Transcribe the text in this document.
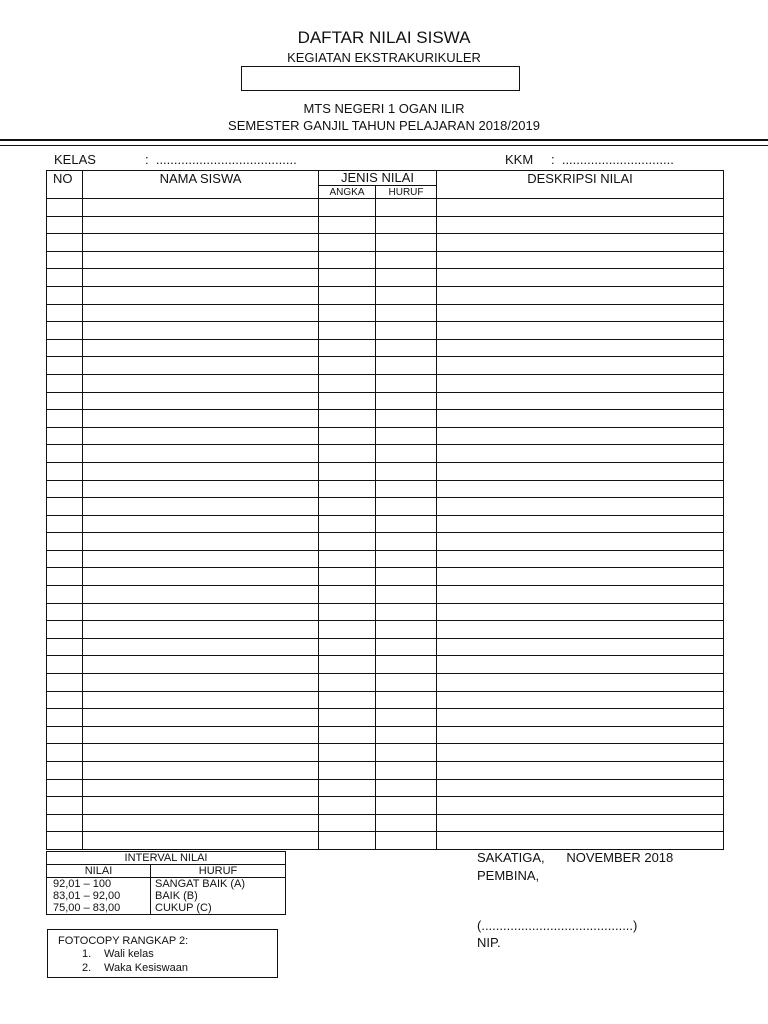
DAFTAR NILAI SISWA
KEGIATAN EKSTRAKURIKULER
MTS NEGERI 1 OGAN ILIR
SEMESTER GANJIL TAHUN PELAJARAN 2018/2019
KELAS	:  .......................................	KKM :  ...............................
NO	NAMA SISWA	JENIS NILAI		DESKRIPSI NILAI
		ANGKA	HURUF	

INTERVAL NILAI	
NILAI	HURUF
92,01 – 100	SANGAT BAIK (A)
83,01 – 92,00	BAIK (B)
75,00 – 83,00	CUKUP (C)
FOTOCOPY RANGKAP 2:
1. Wali kelas
2. Waka Kesiswaan
SAKATIGA,      NOVEMBER 2018
PEMBINA,
(..........................................)
NIP.
